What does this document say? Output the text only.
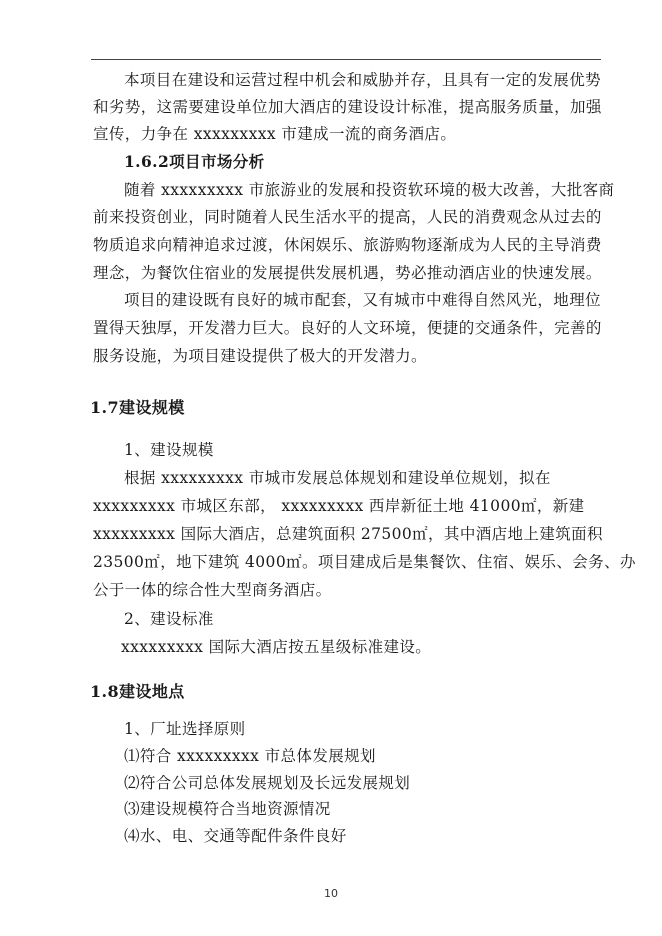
本项目在建设和运营过程中机会和威胁并存，且具有一定的发展优势
和劣势，这需要建设单位加大酒店的建设设计标准，提高服务质量，加强
宣传，力争在 xxxxxxxxx 市建成一流的商务酒店。
1.6.2项目市场分析
随着 xxxxxxxxx 市旅游业的发展和投资软环境的极大改善，大批客商
前来投资创业，同时随着人民生活水平的提高，人民的消费观念从过去的
物质追求向精神追求过渡，休闲娱乐、旅游购物逐渐成为人民的主导消费
理念，为餐饮住宿业的发展提供发展机遇，势必推动酒店业的快速发展。
项目的建设既有良好的城市配套，又有城市中难得自然风光，地理位
置得天独厚，开发潜力巨大。良好的人文环境，便捷的交通条件，完善的
服务设施，为项目建设提供了极大的开发潜力。
1.7建设规模
1、建设规模
根据 xxxxxxxxx 市城市发展总体规划和建设单位规划，拟在
xxxxxxxxx 市城区东部， xxxxxxxxx 西岸新征土地 41000㎡，新建
xxxxxxxxx 国际大酒店，总建筑面积 27500㎡，其中酒店地上建筑面积
23500㎡，地下建筑 4000㎡。项目建成后是集餐饮、住宿、娱乐、会务、办
公于一体的综合性大型商务酒店。
2、建设标准
xxxxxxxxx 国际大酒店按五星级标准建设。
1.8建设地点
1、厂址选择原则
⑴符合 xxxxxxxxx 市总体发展规划
⑵符合公司总体发展规划及长远发展规划
⑶建设规模符合当地资源情况
⑷水、电、交通等配件条件良好
10
